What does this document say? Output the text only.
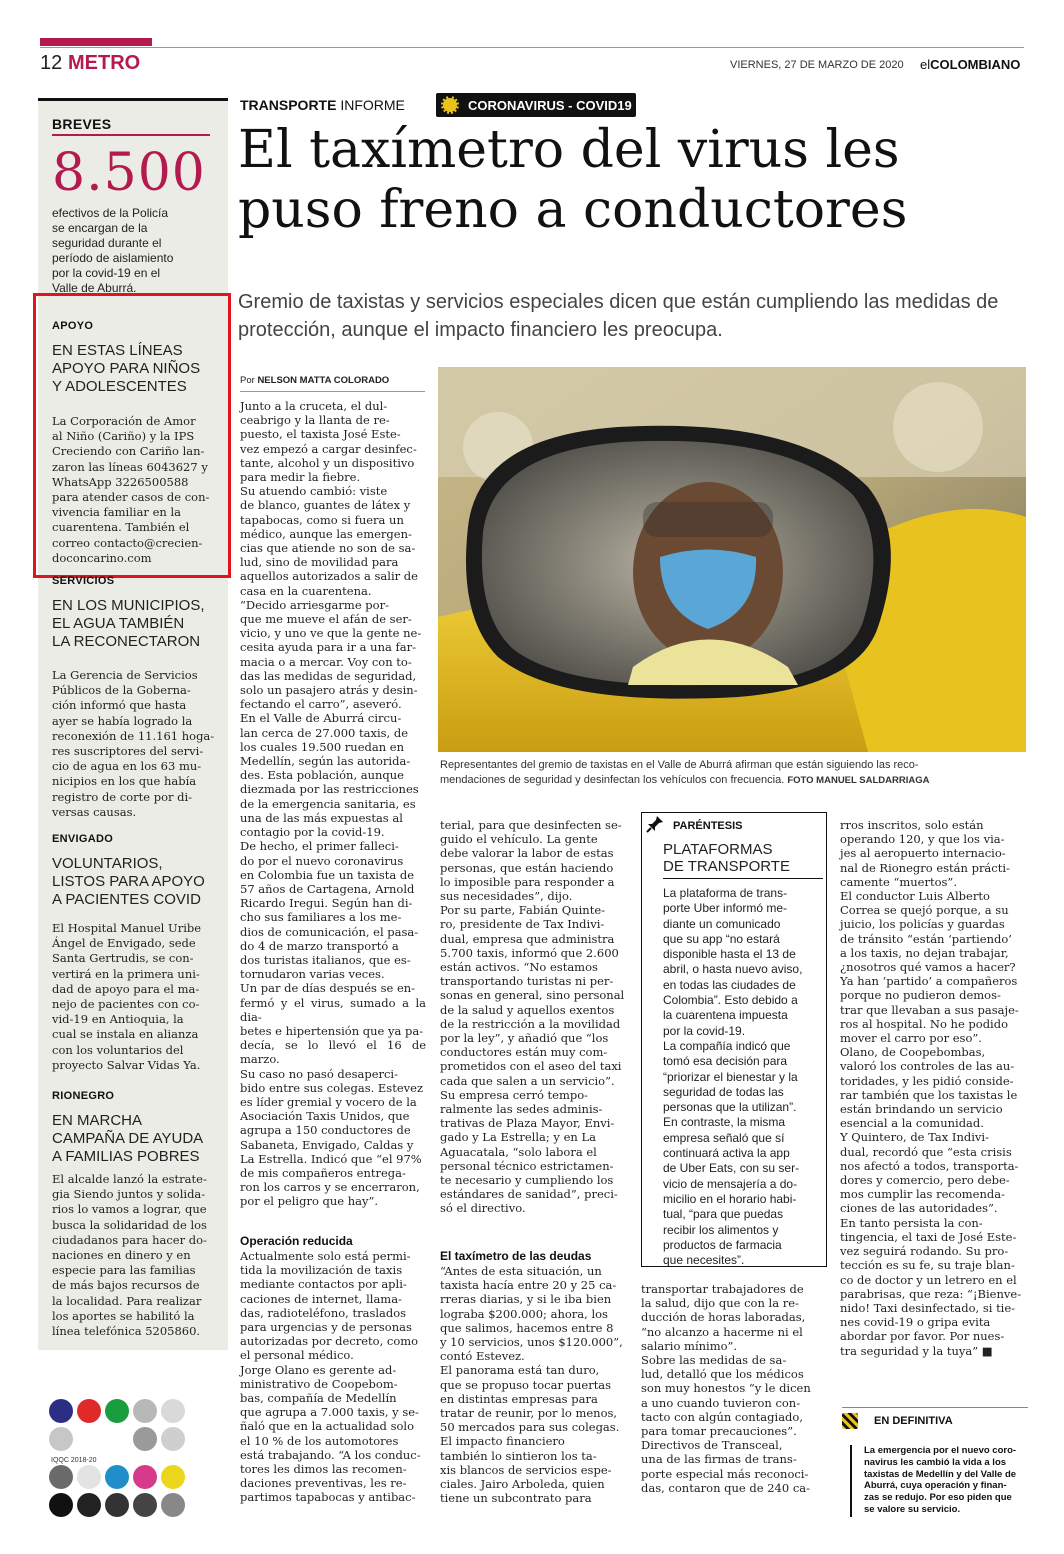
12 METRO	VIERNES, 27 DE MARZO DE 2020 elCOLOMBIANO
BREVES
8.500
efectivos de la Policía
se encargan de la
seguridad durante el
período de aislamiento
por la covid-19 en el
Valle de Aburrá.
APOYO
EN ESTAS LÍNEAS
APOYO PARA NIÑOS
Y ADOLESCENTES
La Corporación de Amor
al Niño (Cariño) y la IPS
Creciendo con Cariño lan-
zaron las líneas 6043627 y
WhatsApp 3226500588
para atender casos de con-
vivencia familiar en la
cuarentena. También el
correo contacto@crecien-
doconcarino.com
SERVICIOS
EN LOS MUNICIPIOS,
EL AGUA TAMBIÉN
LA RECONECTARON
La Gerencia de Servicios
Públicos de la Goberna-
ción informó que hasta
ayer se había logrado la
reconexión de 11.161 hoga-
res suscriptores del servi-
cio de agua en los 63 mu-
nicipios en los que había
registro de corte por di-
versas causas.
ENVIGADO
VOLUNTARIOS,
LISTOS PARA APOYO
A PACIENTES COVID
El Hospital Manuel Uribe
Ángel de Envigado, sede
Santa Gertrudis, se con-
vertirá en la primera uni-
dad de apoyo para el ma-
nejo de pacientes con co-
vid-19 en Antioquia, la
cual se instala en alianza
con los voluntarios del
proyecto Salvar Vidas Ya.
RIONEGRO
EN MARCHA
CAMPAÑA DE AYUDA
A FAMILIAS POBRES
El alcalde lanzó la estrate-
gia Siendo juntos y solida-
rios lo vamos a lograr, que
busca la solidaridad de los
ciudadanos para hacer do-
naciones en dinero y en
especie para las familias
de más bajos recursos de
la localidad. Para realizar
los aportes se habilitó la
línea telefónica 5205860.
IQQC 2018-20
TRANSPORTE INFORME	CORONAVIRUS - COVID19
El taxímetro del virus les
puso freno a conductores
Gremio de taxistas y servicios especiales dicen que están cumpliendo las medidas de protección, aunque el impacto financiero les preocupa.
Por NELSON MATTA COLORADO
Junto a la cruceta, el dul-
ceabrigo y la llanta de re-
puesto, el taxista José Este-
vez empezó a cargar desinfec-
tante, alcohol y un dispositivo
para medir la fiebre.
Su atuendo cambió: viste
de blanco, guantes de látex y
tapabocas, como si fuera un
médico, aunque las emergen-
cias que atiende no son de sa-
lud, sino de movilidad para
aquellos autorizados a salir de
casa en la cuarentena.
“Decido arriesgarme por-
que me mueve el afán de ser-
vicio, y uno ve que la gente ne-
cesita ayuda para ir a una far-
macia o a mercar. Voy con to-
das las medidas de seguridad,
solo un pasajero atrás y desin-
fectando el carro”, aseveró.
En el Valle de Aburrá circu-
lan cerca de 27.000 taxis, de
los cuales 19.500 ruedan en
Medellín, según las autorida-
des. Esta población, aunque
diezmada por las restricciones
de la emergencia sanitaria, es
una de las más expuestas al
contagio por la covid-19.
De hecho, el primer falleci-
do por el nuevo coronavirus
en Colombia fue un taxista de
57 años de Cartagena, Arnold
Ricardo Iregui. Según han di-
cho sus familiares a los me-
dios de comunicación, el pasa-
do 4 de marzo transportó a
dos turistas italianos, que es-
tornudaron varias veces.
Un par de días después se en-
fermó y el virus, sumado a la dia-
betes e hipertensión que ya pa-
decía, se lo llevó el 16 de marzo.
Su caso no pasó desaperci-
bido entre sus colegas. Estevez
es líder gremial y vocero de la
Asociación Taxis Unidos, que
agrupa a 150 conductores de
Sabaneta, Envigado, Caldas y
La Estrella. Indicó que “el 97%
de mis compañeros entrega-
ron los carros y se encerraron,
por el peligro que hay”.
Operación reducida
Actualmente solo está permi-
tida la movilización de taxis
mediante contactos por apli-
caciones de internet, llama-
das, radioteléfono, traslados
para urgencias y de personas
autorizadas por decreto, como
el personal médico.
Jorge Olano es gerente ad-
ministrativo de Coopebom-
bas, compañía de Medellín
que agrupa a 7.000 taxis, y se-
ñaló que en la actualidad solo
el 10 % de los automotores
está trabajando. “A los conduc-
tores les dimos las recomen-
daciones preventivas, les re-
partimos tapabocas y antibac-
Representantes del gremio de taxistas en el Valle de Aburrá afirman que están siguiendo las reco-
mendaciones de seguridad y desinfectan los vehículos con frecuencia. FOTO MANUEL SALDARRIAGA
terial, para que desinfecten se-
guido el vehículo. La gente
debe valorar la labor de estas
personas, que están haciendo
lo imposible para responder a
sus necesidades”, dijo.
Por su parte, Fabián Quinte-
ro, presidente de Tax Indivi-
dual, empresa que administra
5.700 taxis, informó que 2.600
están activos. “No estamos
transportando turistas ni per-
sonas en general, sino personal
de la salud y aquellos exentos
de la restricción a la movilidad
por la ley”, y añadió que “los
conductores están muy com-
prometidos con el aseo del taxi
cada que salen a un servicio”.
Su empresa cerró tempo-
ralmente las sedes adminis-
trativas de Plaza Mayor, Envi-
gado y La Estrella; y en La
Aguacatala, “solo labora el
personal técnico estrictamen-
te necesario y cumpliendo los
estándares de sanidad”, preci-
só el directivo.
El taxímetro de las deudas
“Antes de esta situación, un
taxista hacía entre 20 y 25 ca-
rreras diarias, y si le iba bien
lograba $200.000; ahora, los
que salimos, hacemos entre 8
y 10 servicios, unos $120.000”,
contó Estevez.
El panorama está tan duro,
que se propuso tocar puertas
en distintas empresas para
tratar de reunir, por lo menos,
50 mercados para sus colegas.
El impacto financiero
también lo sintieron los ta-
xis blancos de servicios espe-
ciales. Jairo Arboleda, quien
tiene un subcontrato para
PARÉNTESIS
PLATAFORMAS
DE TRANSPORTE
La plataforma de trans-
porte Uber informó me-
diante un comunicado
que su app “no estará
disponible hasta el 13 de
abril, o hasta nuevo aviso,
en todas las ciudades de
Colombia”. Esto debido a
la cuarentena impuesta
por la covid-19.
La compañía indicó que
tomó esa decisión para
“priorizar el bienestar y la
seguridad de todas las
personas que la utilizan”.
En contraste, la misma
empresa señaló que sí
continuará activa la app
de Uber Eats, con su ser-
vicio de mensajería a do-
micilio en el horario habi-
tual, “para que puedas
recibir los alimentos y
productos de farmacia
que necesites”.
transportar trabajadores de
la salud, dijo que con la re-
ducción de horas laboradas,
“no alcanzo a hacerme ni el
salario mínimo”.
Sobre las medidas de sa-
lud, detalló que los médicos
son muy honestos “y le dicen
a uno cuando tuvieron con-
tacto con algún contagiado,
para tomar precauciones”.
Directivos de Transceal,
una de las firmas de trans-
porte especial más reconoci-
das, contaron que de 240 ca-
rros inscritos, solo están
operando 120, y que los via-
jes al aeropuerto internacio-
nal de Rionegro están prácti-
camente “muertos”.
El conductor Luis Alberto
Correa se quejó porque, a su
juicio, los policías y guardas
de tránsito “están ‘partiendo’
a los taxis, no dejan trabajar,
¿nosotros qué vamos a hacer?
Ya han ‘partido’ a compañeros
porque no pudieron demos-
trar que llevaban a sus pasaje-
ros al hospital. No he podido
mover el carro por eso”.
Olano, de Coopebombas,
valoró los controles de las au-
toridades, y les pidió conside-
rar también que los taxistas le
están brindando un servicio
esencial a la comunidad.
Y Quintero, de Tax Indivi-
dual, recordó que “esta crisis
nos afectó a todos, transporta-
dores y comercio, pero debe-
mos cumplir las recomenda-
ciones de las autoridades”.
En tanto persista la con-
tingencia, el taxi de José Este-
vez seguirá rodando. Su pro-
tección es su fe, su traje blan-
co de doctor y un letrero en el
parabrisas, que reza: “¡Bienve-
nido! Taxi desinfectado, si tie-
nes covid-19 o gripa evita
abordar por favor. Por nues-
tra seguridad y la tuya” ■
EN DEFINITIVA
La emergencia por el nuevo coro-
navirus les cambió la vida a los
taxistas de Medellín y del Valle de
Aburrá, cuya operación y finan-
zas se redujo. Por eso piden que
se valore su servicio.
